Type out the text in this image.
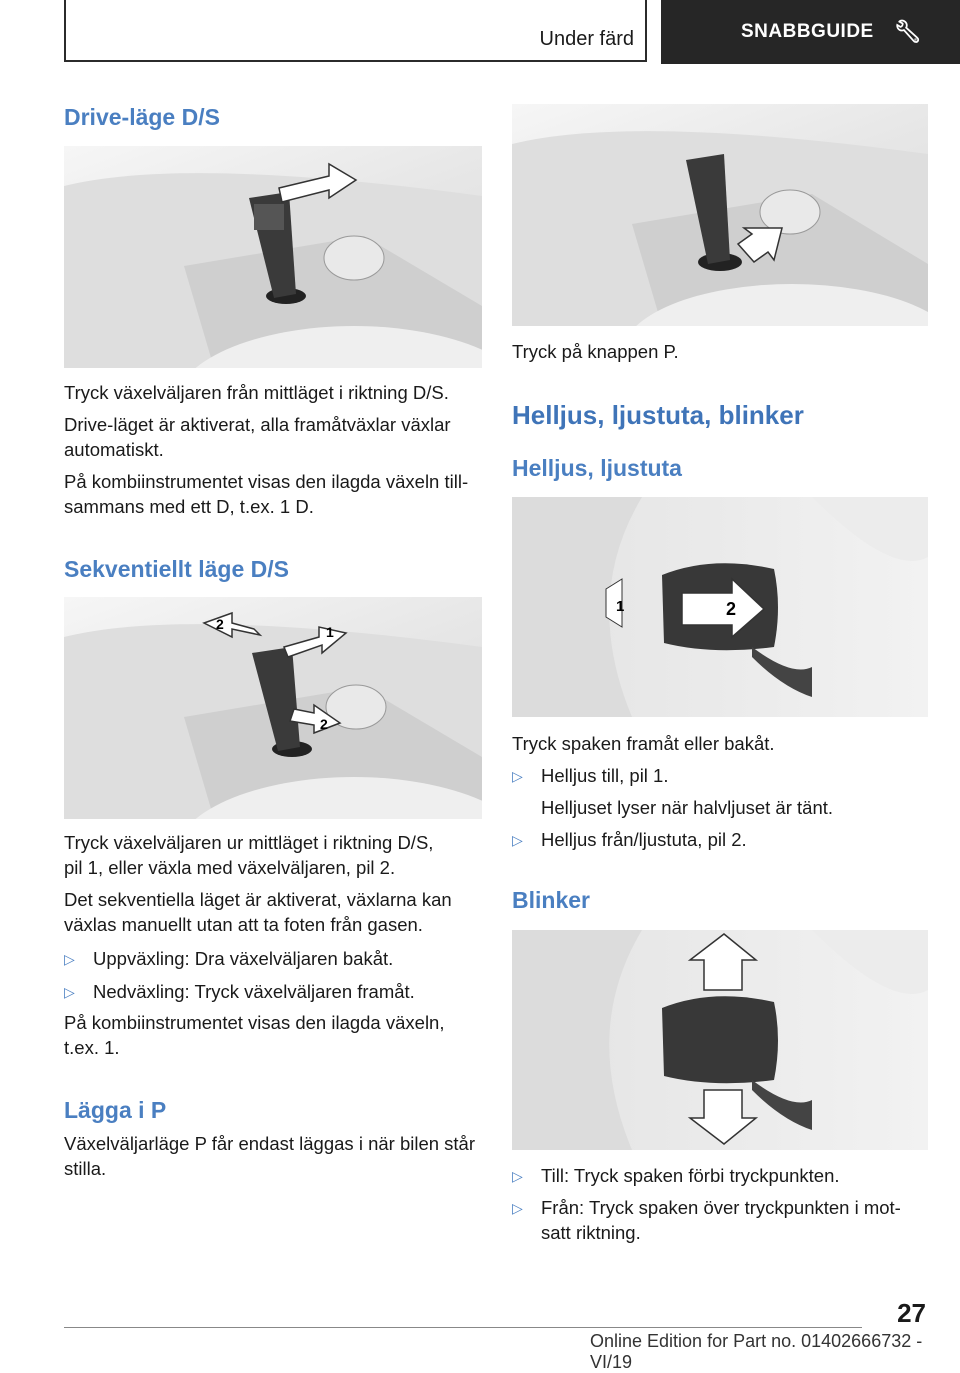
Under färd	SNABBGUIDE 🔧︎
Drive-läge D/S

Tryck växelväljaren från mittläget i riktning D/S.

Drive-läget är aktiverat, alla framåtväxlar växlar

automatiskt.

På kombiinstrumentet visas den ilagda växeln till‐

sammans med ett D, t.ex. 1 D.

Sekventiellt läge D/S
1
2
2

Tryck växelväljaren ur mittläget i riktning D/S,

pil 1, eller växla med växelväljaren, pil 2.

Det sekventiella läget är aktiverat, växlarna kan

växlas manuellt utan att ta foten från gasen.

▷ Uppväxling: Dra växelväljaren bakåt.
▷ Nedväxling: Tryck växelväljaren framåt.

På kombiinstrumentet visas den ilagda växeln,

t.ex. 1.

Lägga i P

Växelväljarläge P får endast läggas i när bilen står

stilla.

Tryck på knappen P.

Helljus, ljustuta, blinker
Helljus, ljustuta
1	2

Tryck spaken framåt eller bakåt.

▷ Helljus till, pil 1.

Helljuset lyser när halvljuset är tänt.

▷ Helljus från/ljustuta, pil 2.
Blinker
▷ Till: Tryck spaken förbi tryckpunkten.
▷ Från: Tryck spaken över tryckpunkten i mot‐

satt riktning.

27
Online Edition for Part no. 01402666732 - VI/19
